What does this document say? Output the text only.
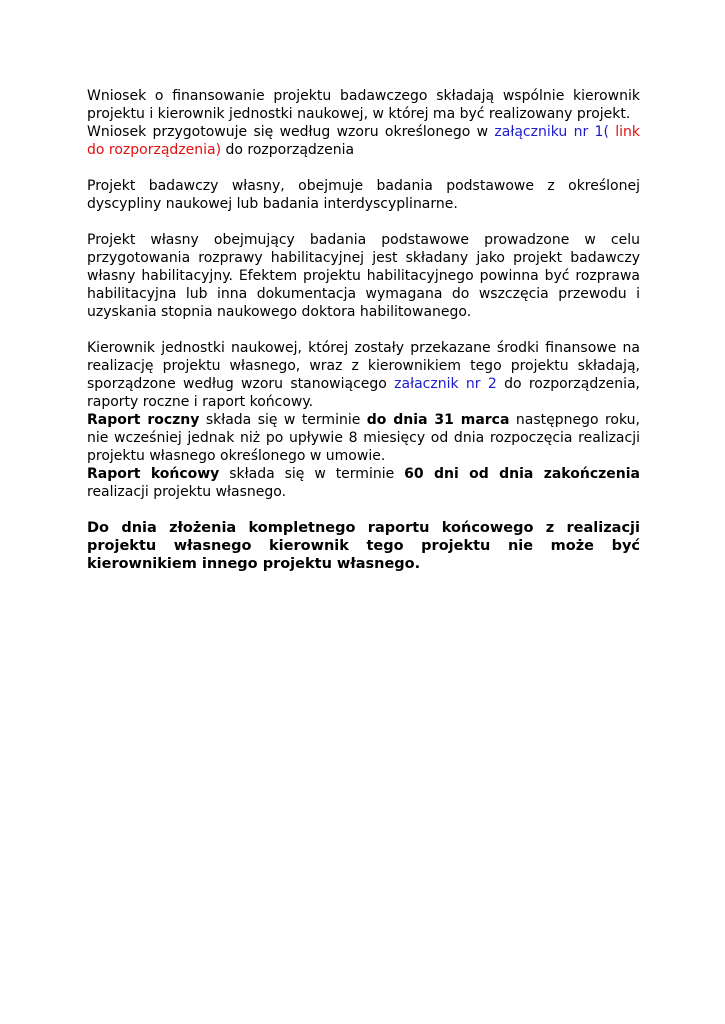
Wniosek o finansowanie projektu badawczego składają wspólnie kierownik projektu i kierownik jednostki naukowej, w której ma być realizowany projekt.
Wniosek przygotowuje się według wzoru określonego w załączniku nr 1( link do rozporządzenia) do rozporządzenia

Projekt badawczy własny, obejmuje badania podstawowe z określonej dyscypliny naukowej lub badania interdyscyplinarne.

Projekt własny obejmujący badania podstawowe prowadzone w celu przygotowania rozprawy habilitacyjnej jest składany jako projekt badawczy własny habilitacyjny. Efektem projektu habilitacyjnego powinna być rozprawa habilitacyjna lub inna dokumentacja wymagana do wszczęcia przewodu i uzyskania stopnia naukowego doktora habilitowanego.

Kierownik jednostki naukowej, której zostały przekazane środki finansowe na realizację projektu własnego, wraz z kierownikiem tego projektu składają, sporządzone według wzoru stanowiącego załacznik nr 2 do rozporządzenia, raporty roczne i raport końcowy.

Raport roczny składa się w terminie do dnia 31 marca następnego roku, nie wcześniej jednak niż po upływie 8 miesięcy od dnia rozpoczęcia realizacji projektu własnego określonego w umowie.

Raport końcowy składa się w terminie 60 dni od dnia zakończenia realizacji projektu własnego.

Do dnia złożenia kompletnego raportu końcowego z realizacji projektu własnego kierownik tego projektu nie może być kierownikiem innego projektu własnego.
